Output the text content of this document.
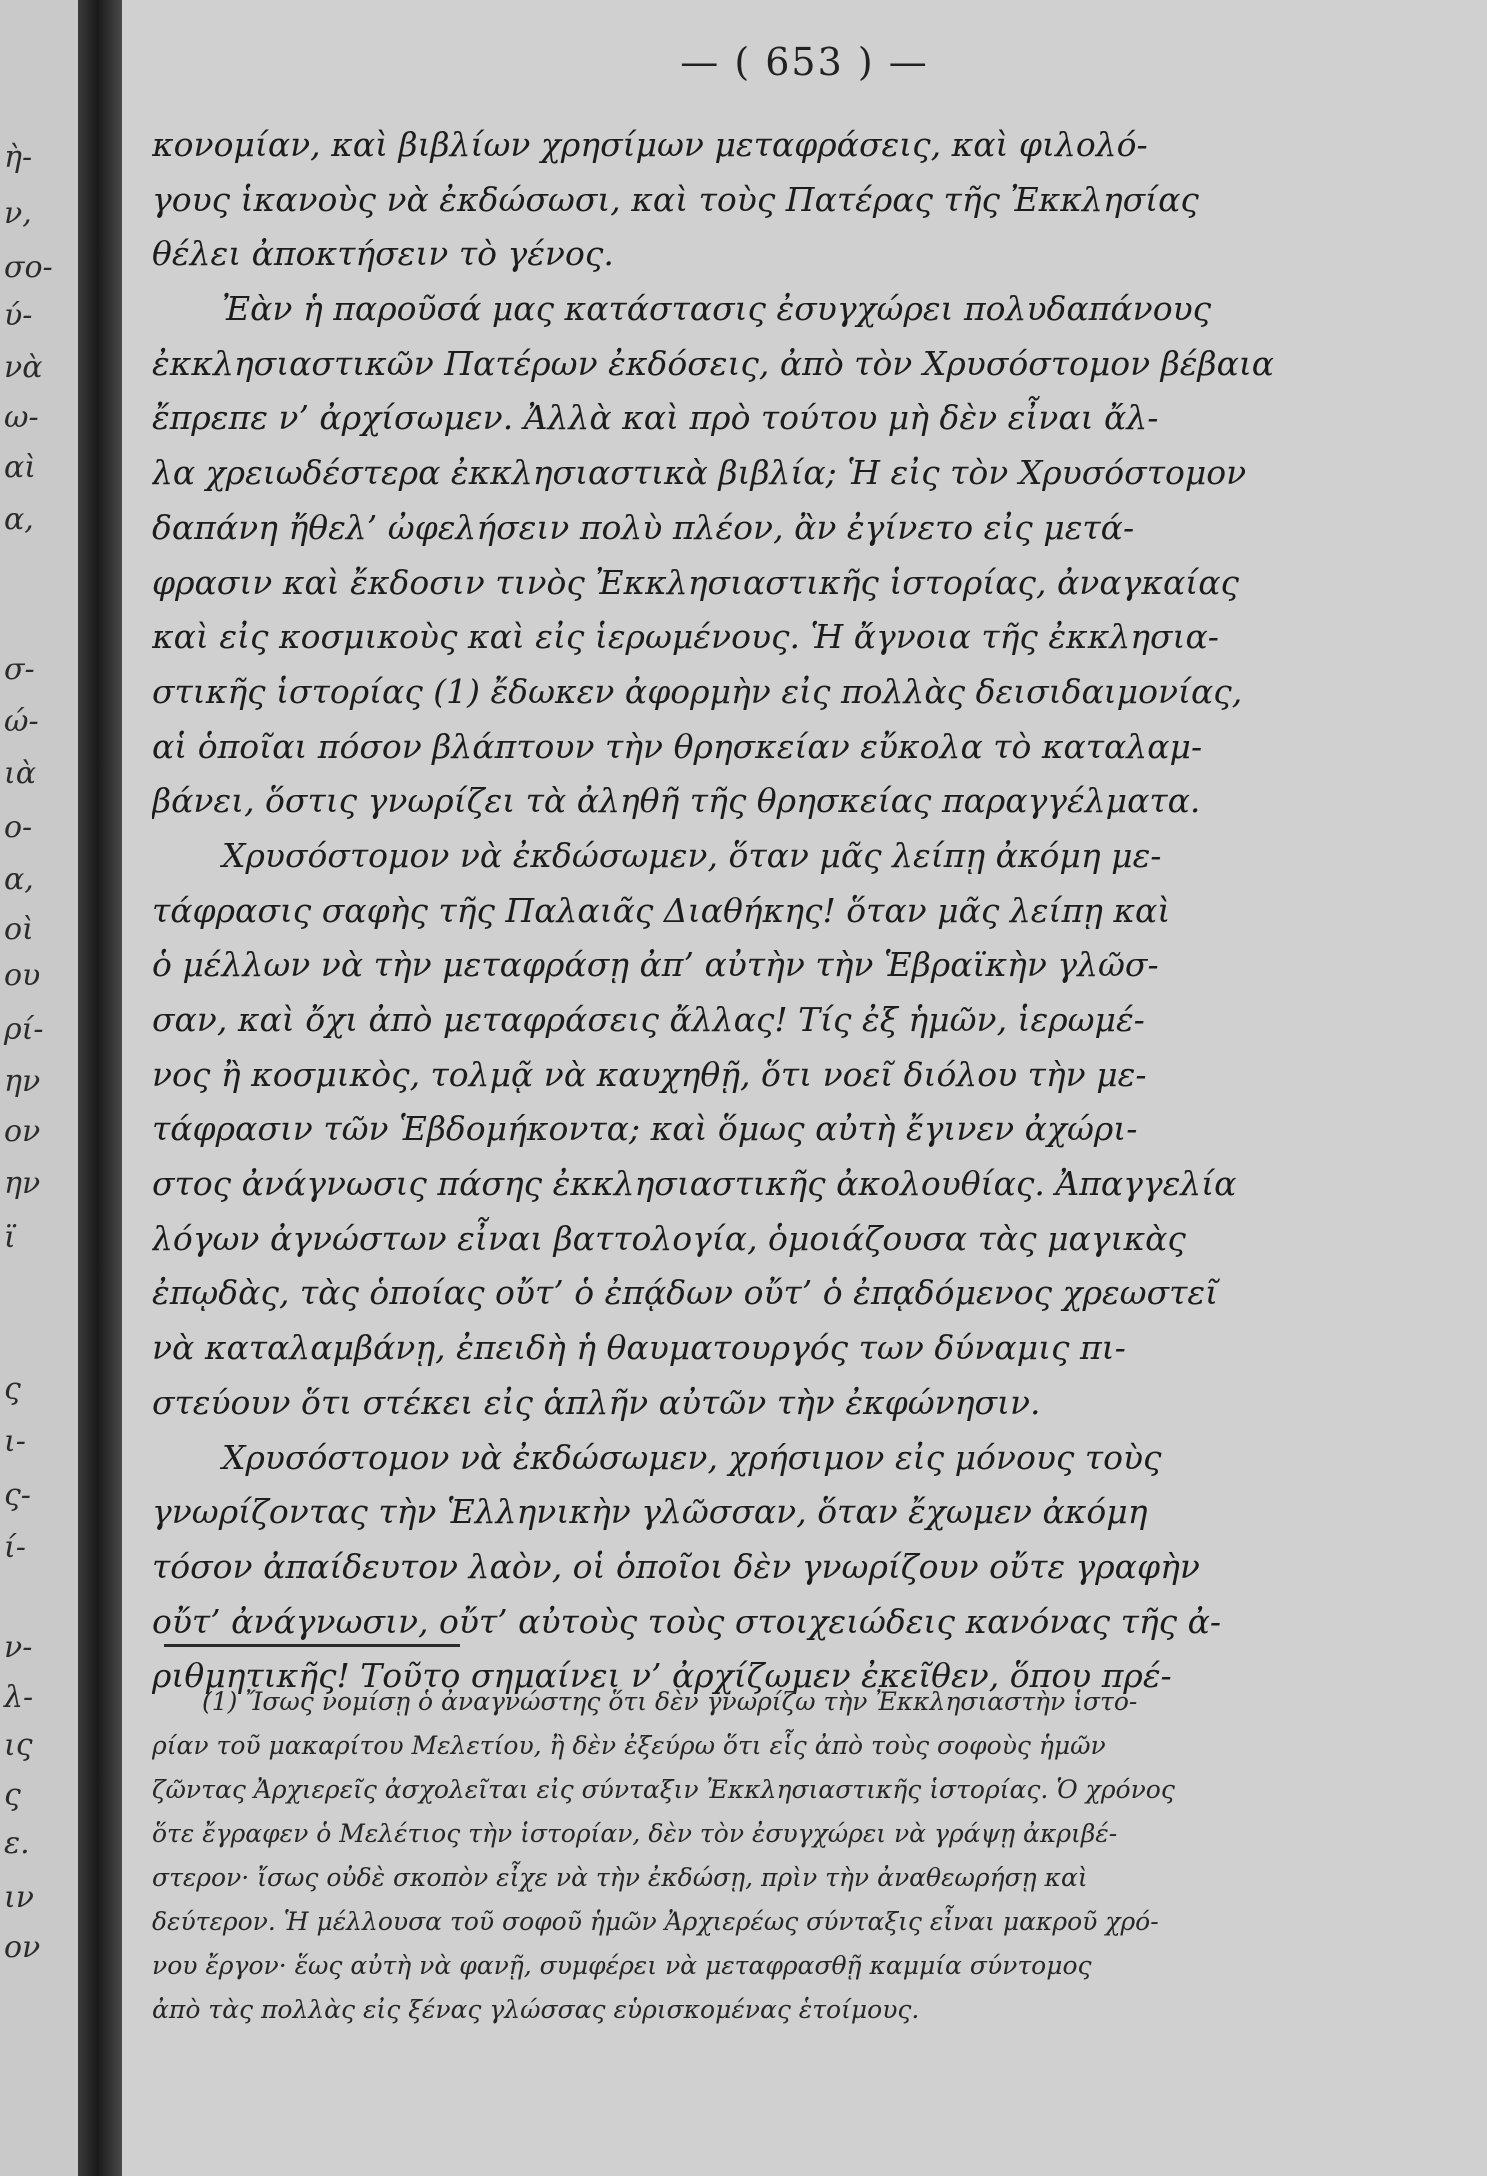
ὴ-
ν,
σο-
ύ-
νὰ
ω-
αὶ
α,
σ-
ώ-
ιὰ
ο-
α,
οὶ
ου
ρί-
ην
ον
ην
ϊ
ς
ι-
ς-
ί-
ν-
λ-
ις
ς
ε.
ιν
ον
— ( 653 ) —
κονομίαν, καὶ βιβλίων χρησίμων μεταφράσεις, καὶ φιλολό-
γους ἱκανοὺς νὰ ἐκδώσωσι, καὶ τοὺς Πατέρας τῆς Ἐκκλησίας
θέλει ἀποκτήσειν τὸ γένος.
Ἐὰν ἡ παροῦσά μας κατάστασις ἐσυγχώρει πολυδαπάνους
ἐκκλησιαστικῶν Πατέρων ἐκδόσεις, ἀπὸ τὸν Χρυσόστομον βέβαια
ἔπρεπε ν’ ἀρχίσωμεν. Ἀλλὰ καὶ πρὸ τούτου μὴ δὲν εἶναι ἄλ-
λα χρειωδέστερα ἐκκλησιαστικὰ βιβλία; Ἡ εἰς τὸν Χρυσόστομον
δαπάνη ἤθελ’ ὠφελήσειν πολὺ πλέον, ἂν ἐγίνετο εἰς μετά-
φρασιν καὶ ἔκδοσιν τινὸς Ἐκκλησιαστικῆς ἱστορίας, ἀναγκαίας
καὶ εἰς κοσμικοὺς καὶ εἰς ἱερωμένους. Ἡ ἄγνοια τῆς ἐκκλησια-
στικῆς ἱστορίας (1) ἔδωκεν ἀφορμὴν εἰς πολλὰς δεισιδαιμονίας,
αἱ ὁποῖαι πόσον βλάπτουν τὴν θρησκείαν εὔκολα τὸ καταλαμ-
βάνει, ὅστις γνωρίζει τὰ ἀληθῆ τῆς θρησκείας παραγγέλματα.
Χρυσόστομον νὰ ἐκδώσωμεν, ὅταν μᾶς λείπῃ ἀκόμη με-
τάφρασις σαφὴς τῆς Παλαιᾶς Διαθήκης! ὅταν μᾶς λείπῃ καὶ
ὁ μέλλων νὰ τὴν μεταφράσῃ ἀπ’ αὐτὴν τὴν Ἑβραϊκὴν γλῶσ-
σαν, καὶ ὄχι ἀπὸ μεταφράσεις ἄλλας! Τίς ἐξ ἡμῶν, ἱερωμέ-
νος ἢ κοσμικὸς, τολμᾷ νὰ καυχηθῇ, ὅτι νοεῖ διόλου τὴν με-
τάφρασιν τῶν Ἑβδομήκοντα; καὶ ὅμως αὐτὴ ἔγινεν ἀχώρι-
στος ἀνάγνωσις πάσης ἐκκλησιαστικῆς ἀκολουθίας. Ἀπαγγελία
λόγων ἀγνώστων εἶναι βαττολογία, ὁμοιάζουσα τὰς μαγικὰς
ἐπῳδὰς, τὰς ὁποίας οὔτ’ ὁ ἐπᾴδων οὔτ’ ὁ ἐπᾳδόμενος χρεωστεῖ
νὰ καταλαμβάνῃ, ἐπειδὴ ἡ θαυματουργός των δύναμις πι-
στεύουν ὅτι στέκει εἰς ἁπλῆν αὐτῶν τὴν ἐκφώνησιν.
Χρυσόστομον νὰ ἐκδώσωμεν, χρήσιμον εἰς μόνους τοὺς
γνωρίζοντας τὴν Ἑλληνικὴν γλῶσσαν, ὅταν ἔχωμεν ἀκόμη
τόσον ἀπαίδευτον λαὸν, οἱ ὁποῖοι δὲν γνωρίζουν οὔτε γραφὴν
οὔτ’ ἀνάγνωσιν, οὔτ’ αὐτοὺς τοὺς στοιχειώδεις κανόνας τῆς ἀ-
ριθμητικῆς! Τοῦτο σημαίνει ν’ ἀρχίζωμεν ἐκεῖθεν, ὅπου πρέ-
(1) Ἴσως νομίσῃ ὁ ἀναγνώστης ὅτι δὲν γνωρίζω τὴν Ἐκκλησιαστὴν ἱστο-
ρίαν τοῦ μακαρίτου Μελετίου, ἢ δὲν ἐξεύρω ὅτι εἷς ἀπὸ τοὺς σοφοὺς ἡμῶν
ζῶντας Ἀρχιερεῖς ἀσχολεῖται εἰς σύνταξιν Ἐκκλησιαστικῆς ἱστορίας. Ὁ χρόνος
ὅτε ἔγραφεν ὁ Μελέτιος τὴν ἱστορίαν, δὲν τὸν ἐσυγχώρει νὰ γράψῃ ἀκριβέ-
στερον· ἴσως οὐδὲ σκοπὸν εἶχε νὰ τὴν ἐκδώσῃ, πρὶν τὴν ἀναθεωρήσῃ καὶ
δεύτερον. Ἡ μέλλουσα τοῦ σοφοῦ ἡμῶν Ἀρχιερέως σύνταξις εἶναι μακροῦ χρό-
νου ἔργον· ἕως αὐτὴ νὰ φανῇ, συμφέρει νὰ μεταφρασθῇ καμμία σύντομος
ἀπὸ τὰς πολλὰς εἰς ξένας γλώσσας εὑρισκομένας ἑτοίμους.
